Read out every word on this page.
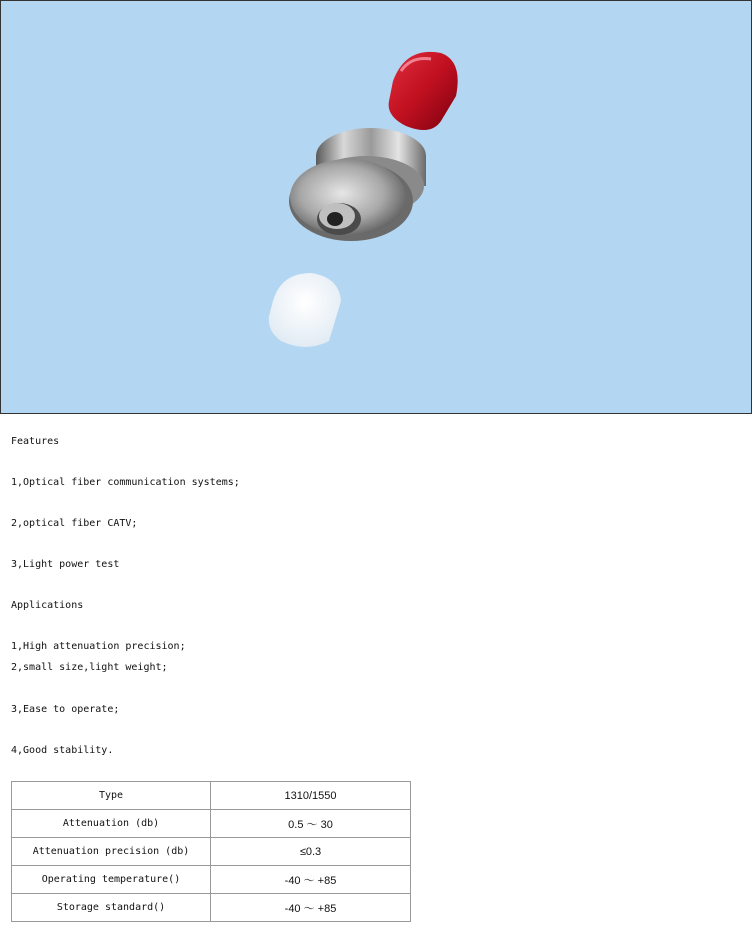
Features
1,Optical fiber communication systems;
2,optical fiber CATV;
3,Light power test
Applications
1,High attenuation precision;
2,small size,light weight;
3,Ease to operate;
4,Good stability.
Type	1310/1550
Attenuation (db)	0.5 ～ 30
Attenuation precision (db)	≤0.3
Operating temperature()	-40 ～ +85
Storage standard()	-40 ～ +85
